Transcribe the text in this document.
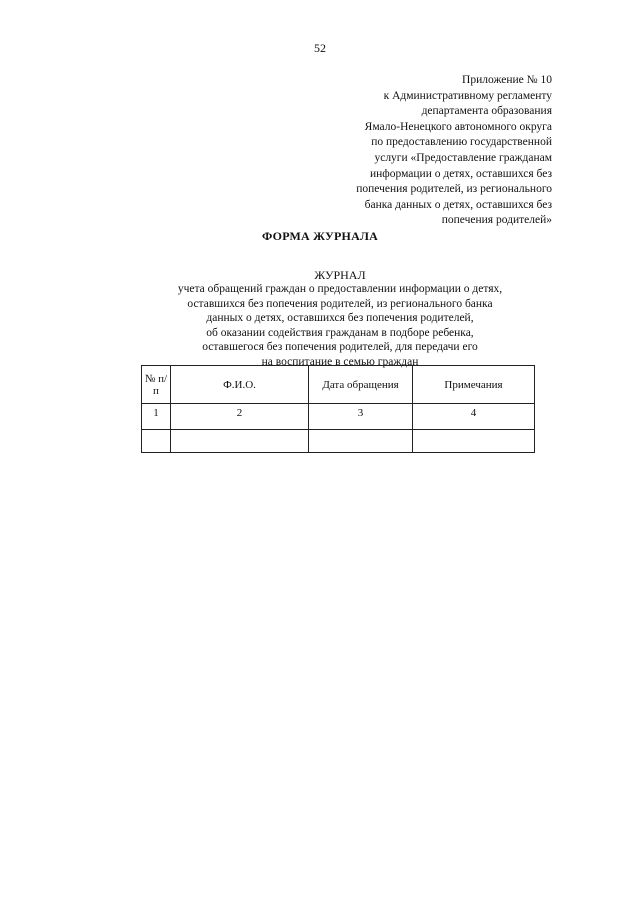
52
Приложение № 10
к Административному регламенту
департамента образования
Ямало-Ненецкого автономного округа
по предоставлению государственной
услуги «Предоставление гражданам
информации о детях, оставшихся без
попечения родителей, из регионального
банка данных о детях, оставшихся без
попечения родителей»
ФОРМА ЖУРНАЛА
ЖУРНАЛ
учета обращений граждан о предоставлении информации о детях,
оставшихся без попечения родителей, из регионального банка
данных о детях, оставшихся без попечения родителей,
об оказании содействия гражданам в подборе ребенка,
оставшегося без попечения родителей, для передачи его
на воспитание в семью граждан
№ п/п	Ф.И.О.	Дата обращения	Примечания
1	2	3	4
